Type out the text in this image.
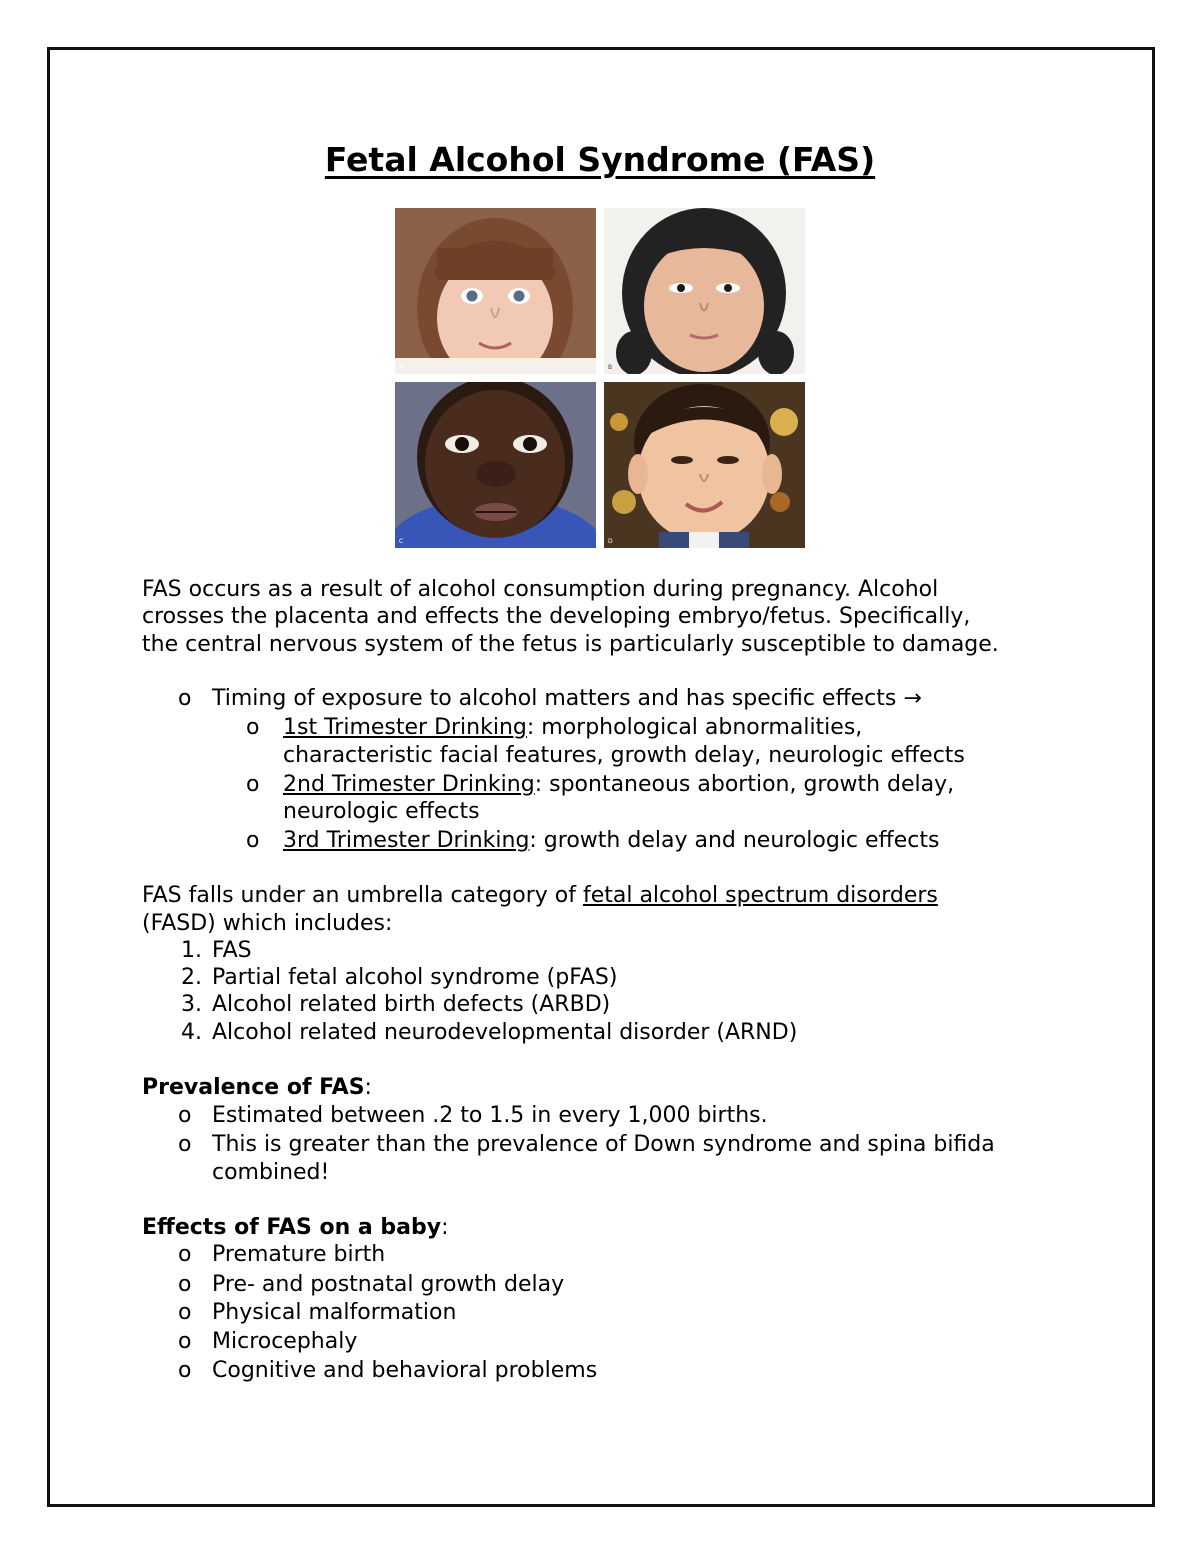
Fetal Alcohol Syndrome (FAS)
A	B
C	D

FAS occurs as a result of alcohol consumption during pregnancy. Alcohol

crosses the placenta and effects the developing embryo/fetus. Specifically,

the central nervous system of the fetus is particularly susceptible to damage.

o Timing of exposure to alcohol matters and has specific effects →

o 1st Trimester Drinking: morphological abnormalities,

characteristic facial features, growth delay, neurologic effects

o 2nd Trimester Drinking: spontaneous abortion, growth delay,

neurologic effects

o 3rd Trimester Drinking: growth delay and neurologic effects

FAS falls under an umbrella category of fetal alcohol spectrum disorders

(FASD) which includes:

1. FAS

2. Partial fetal alcohol syndrome (pFAS)

3. Alcohol related birth defects (ARBD)

4. Alcohol related neurodevelopmental disorder (ARND)

Prevalence of FAS:

o Estimated between .2 to 1.5 in every 1,000 births.

o This is greater than the prevalence of Down syndrome and spina bifida

combined!

Effects of FAS on a baby:

o Premature birth

o Pre- and postnatal growth delay

o Physical malformation

o Microcephaly

o Cognitive and behavioral problems
